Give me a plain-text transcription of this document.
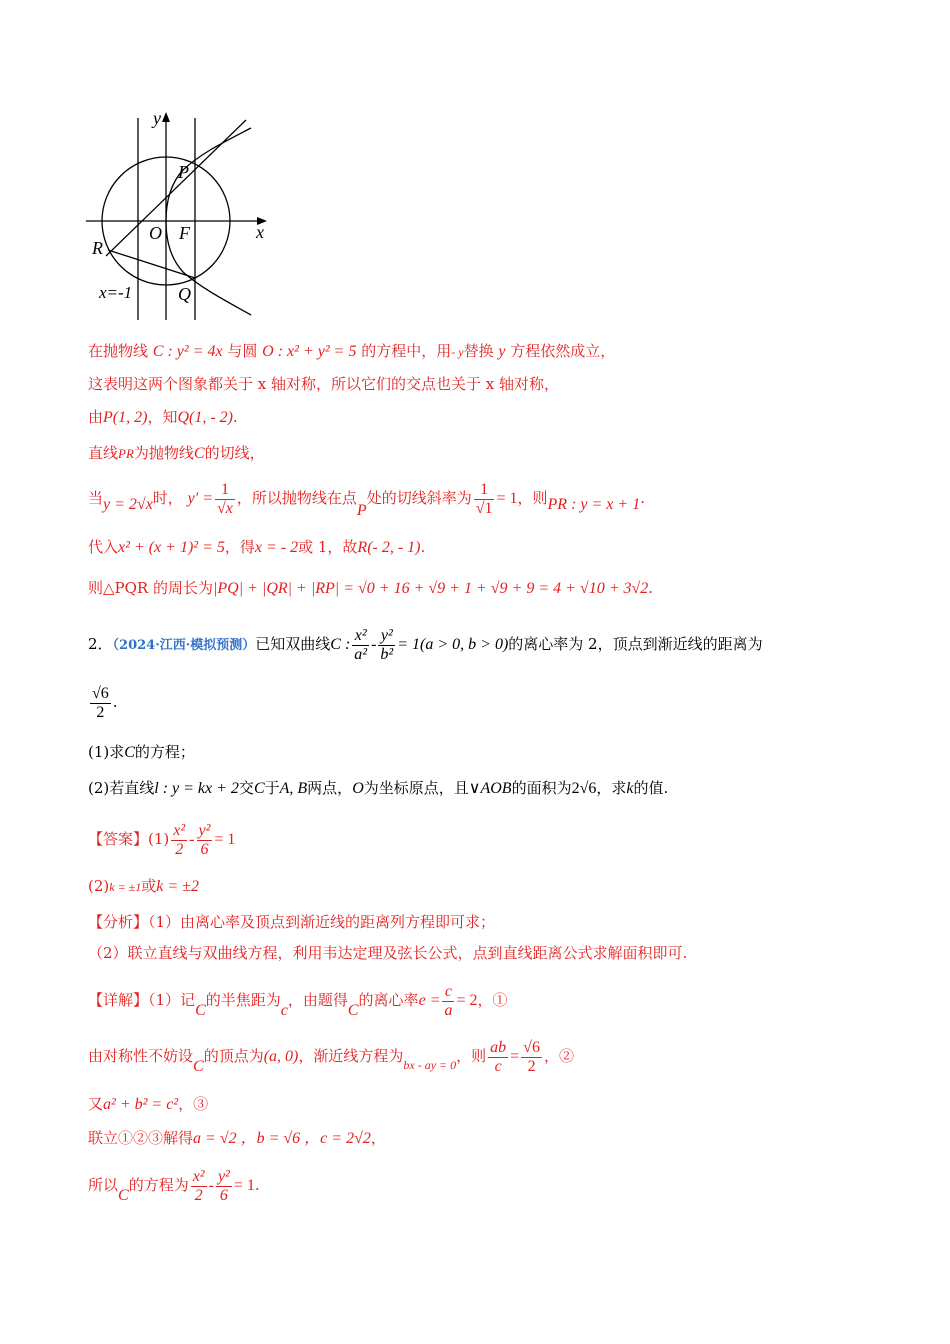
y
x
P
O F
R
Q
x=-1
在抛物线 C : y² = 4x 与圆 O : x² + y² = 5 的方程中，用- y替换 y 方程依然成立，
这表明这两个图象都关于 x 轴对称，所以它们的交点也关于 x 轴对称，
由P(1, 2)，知Q(1, - 2).
直线PR为抛物线C的切线，
当y = 2√x时， $y' = \frac{1}{√x}$ ，所以抛物线在点P处的切线斜率为 $\frac{1}{√1} = 1$，则PR : y = x + 1.
代入x² + (x + 1)² = 5，得x = - 2或 1，故R(- 2, - 1).
则△PQR 的周长为|PQ| + |QR| + |RP| = √0 + 16 + √9 + 1 + √9 + 9 = 4 + √10 + 3√2.
2．（2024·江西·模拟预测）已知双曲线C : $\frac{\text{x²}}{\text{a²}} - \frac{\text{y²}}{\text{b²}} = 1(a > 0$, b > 0)的离心率为 2，顶点到渐近线的距离为
$\frac{√6}{2}$ .
(1)求C的方程；
(2)若直线l : y = kx + 2交C于A, B两点，O为坐标原点，且∨AOB的面积为2√6，求k的值.
【答案】$(1) \frac{\text{x²}}{2} - \frac{\text{y²}}{6} = 1$
(2)k = ±1或k = ±2
【分析】（1）由离心率及顶点到渐近线的距离列方程即可求；
（2）联立直线与双曲线方程，利用韦达定理及弦长公式，点到直线距离公式求解面积即可.
【详解】（1）记C的半焦距为c，由题得C的离心率$e = \frac{c}{a} = 2$，①
由对称性不妨设C的顶点为(a, 0)，渐近线方程为$_{bx - ay = 0}$，则 $\frac{ab}{c} = \frac{√6}{2}$ ，②
又a² + b² = c²，③
联立①②③解得a = √2 ，b = √6 ，c = 2√2，
所以C的方程为 $\frac{\text{x²}}{2} - \frac{\text{y²}}{6} = 1$.
